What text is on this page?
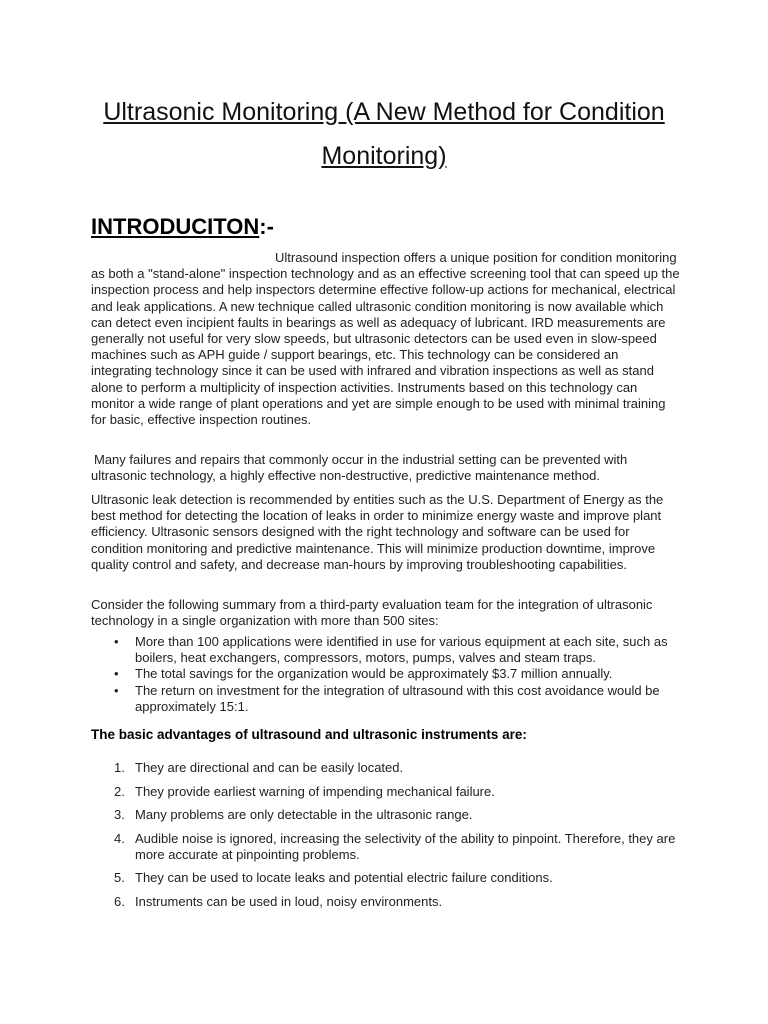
Ultrasonic Monitoring (A New Method for Condition Monitoring)
INTRODUCITON:-
Ultrasound inspection offers a unique position for condition monitoring as both a "stand-alone" inspection technology and as an effective screening tool that can speed up the inspection process and help inspectors determine effective follow-up actions for mechanical, electrical and leak applications. A new technique called ultrasonic condition monitoring is now available which can detect even incipient faults in bearings as well as adequacy of lubricant. IRD measurements are generally not useful for very slow speeds, but ultrasonic detectors can be used even in slow-speed machines such as APH guide / support bearings, etc. This technology can be considered an integrating technology since it can be used with infrared and vibration inspections as well as stand alone to perform a multiplicity of inspection activities. Instruments based on this technology can monitor a wide range of plant operations and yet are simple enough to be used with minimal training for basic, effective inspection routines.
Many failures and repairs that commonly occur in the industrial setting can be prevented with ultrasonic technology, a highly effective non-destructive, predictive maintenance method.
Ultrasonic leak detection is recommended by entities such as the U.S. Department of Energy as the best method for detecting the location of leaks in order to minimize energy waste and improve plant efficiency. Ultrasonic sensors designed with the right technology and software can be used for condition monitoring and predictive maintenance. This will minimize production downtime, improve quality control and safety, and decrease man-hours by improving troubleshooting capabilities.
Consider the following summary from a third-party evaluation team for the integration of ultrasonic technology in a single organization with more than 500 sites:
• More than 100 applications were identified in use for various equipment at each site, such as boilers, heat exchangers, compressors, motors, pumps, valves and steam traps.
• The total savings for the organization would be approximately $3.7 million annually.
• The return on investment for the integration of ultrasound with this cost avoidance would be approximately 15:1.
The basic advantages of ultrasound and ultrasonic instruments are:
1. They are directional and can be easily located.
2. They provide earliest warning of impending mechanical failure.
3. Many problems are only detectable in the ultrasonic range.
4. Audible noise is ignored, increasing the selectivity of the ability to pinpoint. Therefore, they are more accurate at pinpointing problems.
5. They can be used to locate leaks and potential electric failure conditions.
6. Instruments can be used in loud, noisy environments.
